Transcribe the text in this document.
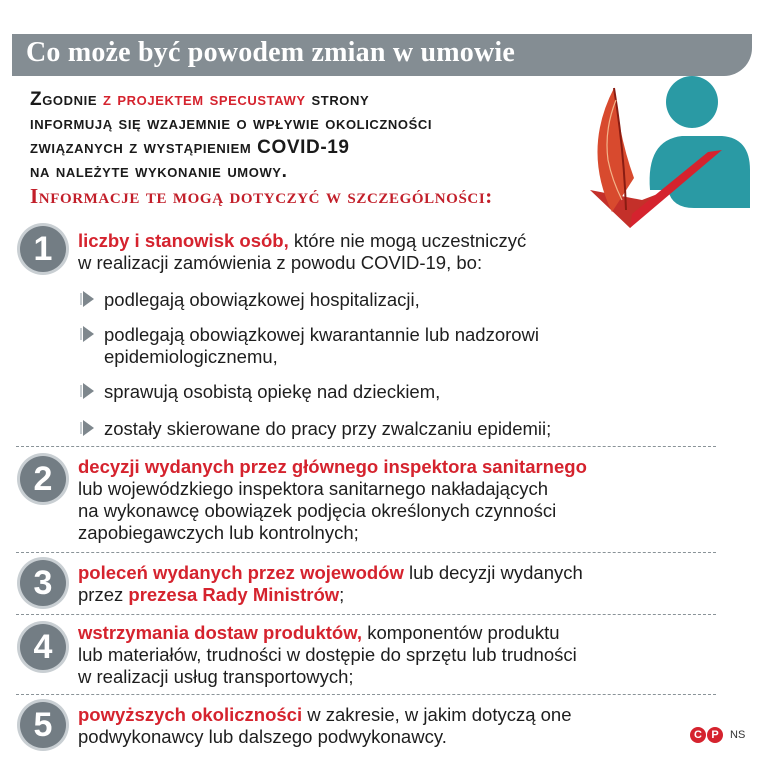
Co może być powodem zmian w umowie
Zgodnie z projektem specustawy strony
informują się wzajemnie o wpływie okoliczności
związanych z wystąpieniem COVID-19
na należyte wykonanie umowy.
Informacje te mogą dotyczyć w szczególności:
1	liczby i stanowisk osób, które nie mogą uczestniczyć
w realizacji zamówienia z powodu COVID-19, bo:
podlegają obowiązkowej hospitalizacji,
podlegają obowiązkowej kwarantannie lub nadzorowi
epidemiologicznemu,
sprawują osobistą opiekę nad dzieckiem,
zostały skierowane do pracy przy zwalczaniu epidemii;
2	decyzji wydanych przez głównego inspektora sanitarnego
lub wojewódzkiego inspektora sanitarnego nakładających
na wykonawcę obowiązek podjęcia określonych czynności
zapobiegawczych lub kontrolnych;
3	poleceń wydanych przez wojewodów lub decyzji wydanych
przez prezesa Rady Ministrów;
4	wstrzymania dostaw produktów, komponentów produktu
lub materiałów, trudności w dostępie do sprzętu lub trudności
w realizacji usług transportowych;
5	powyższych okoliczności w zakresie, w jakim dotyczą one
podwykonawcy lub dalszego podwykonawcy.	C P NS
